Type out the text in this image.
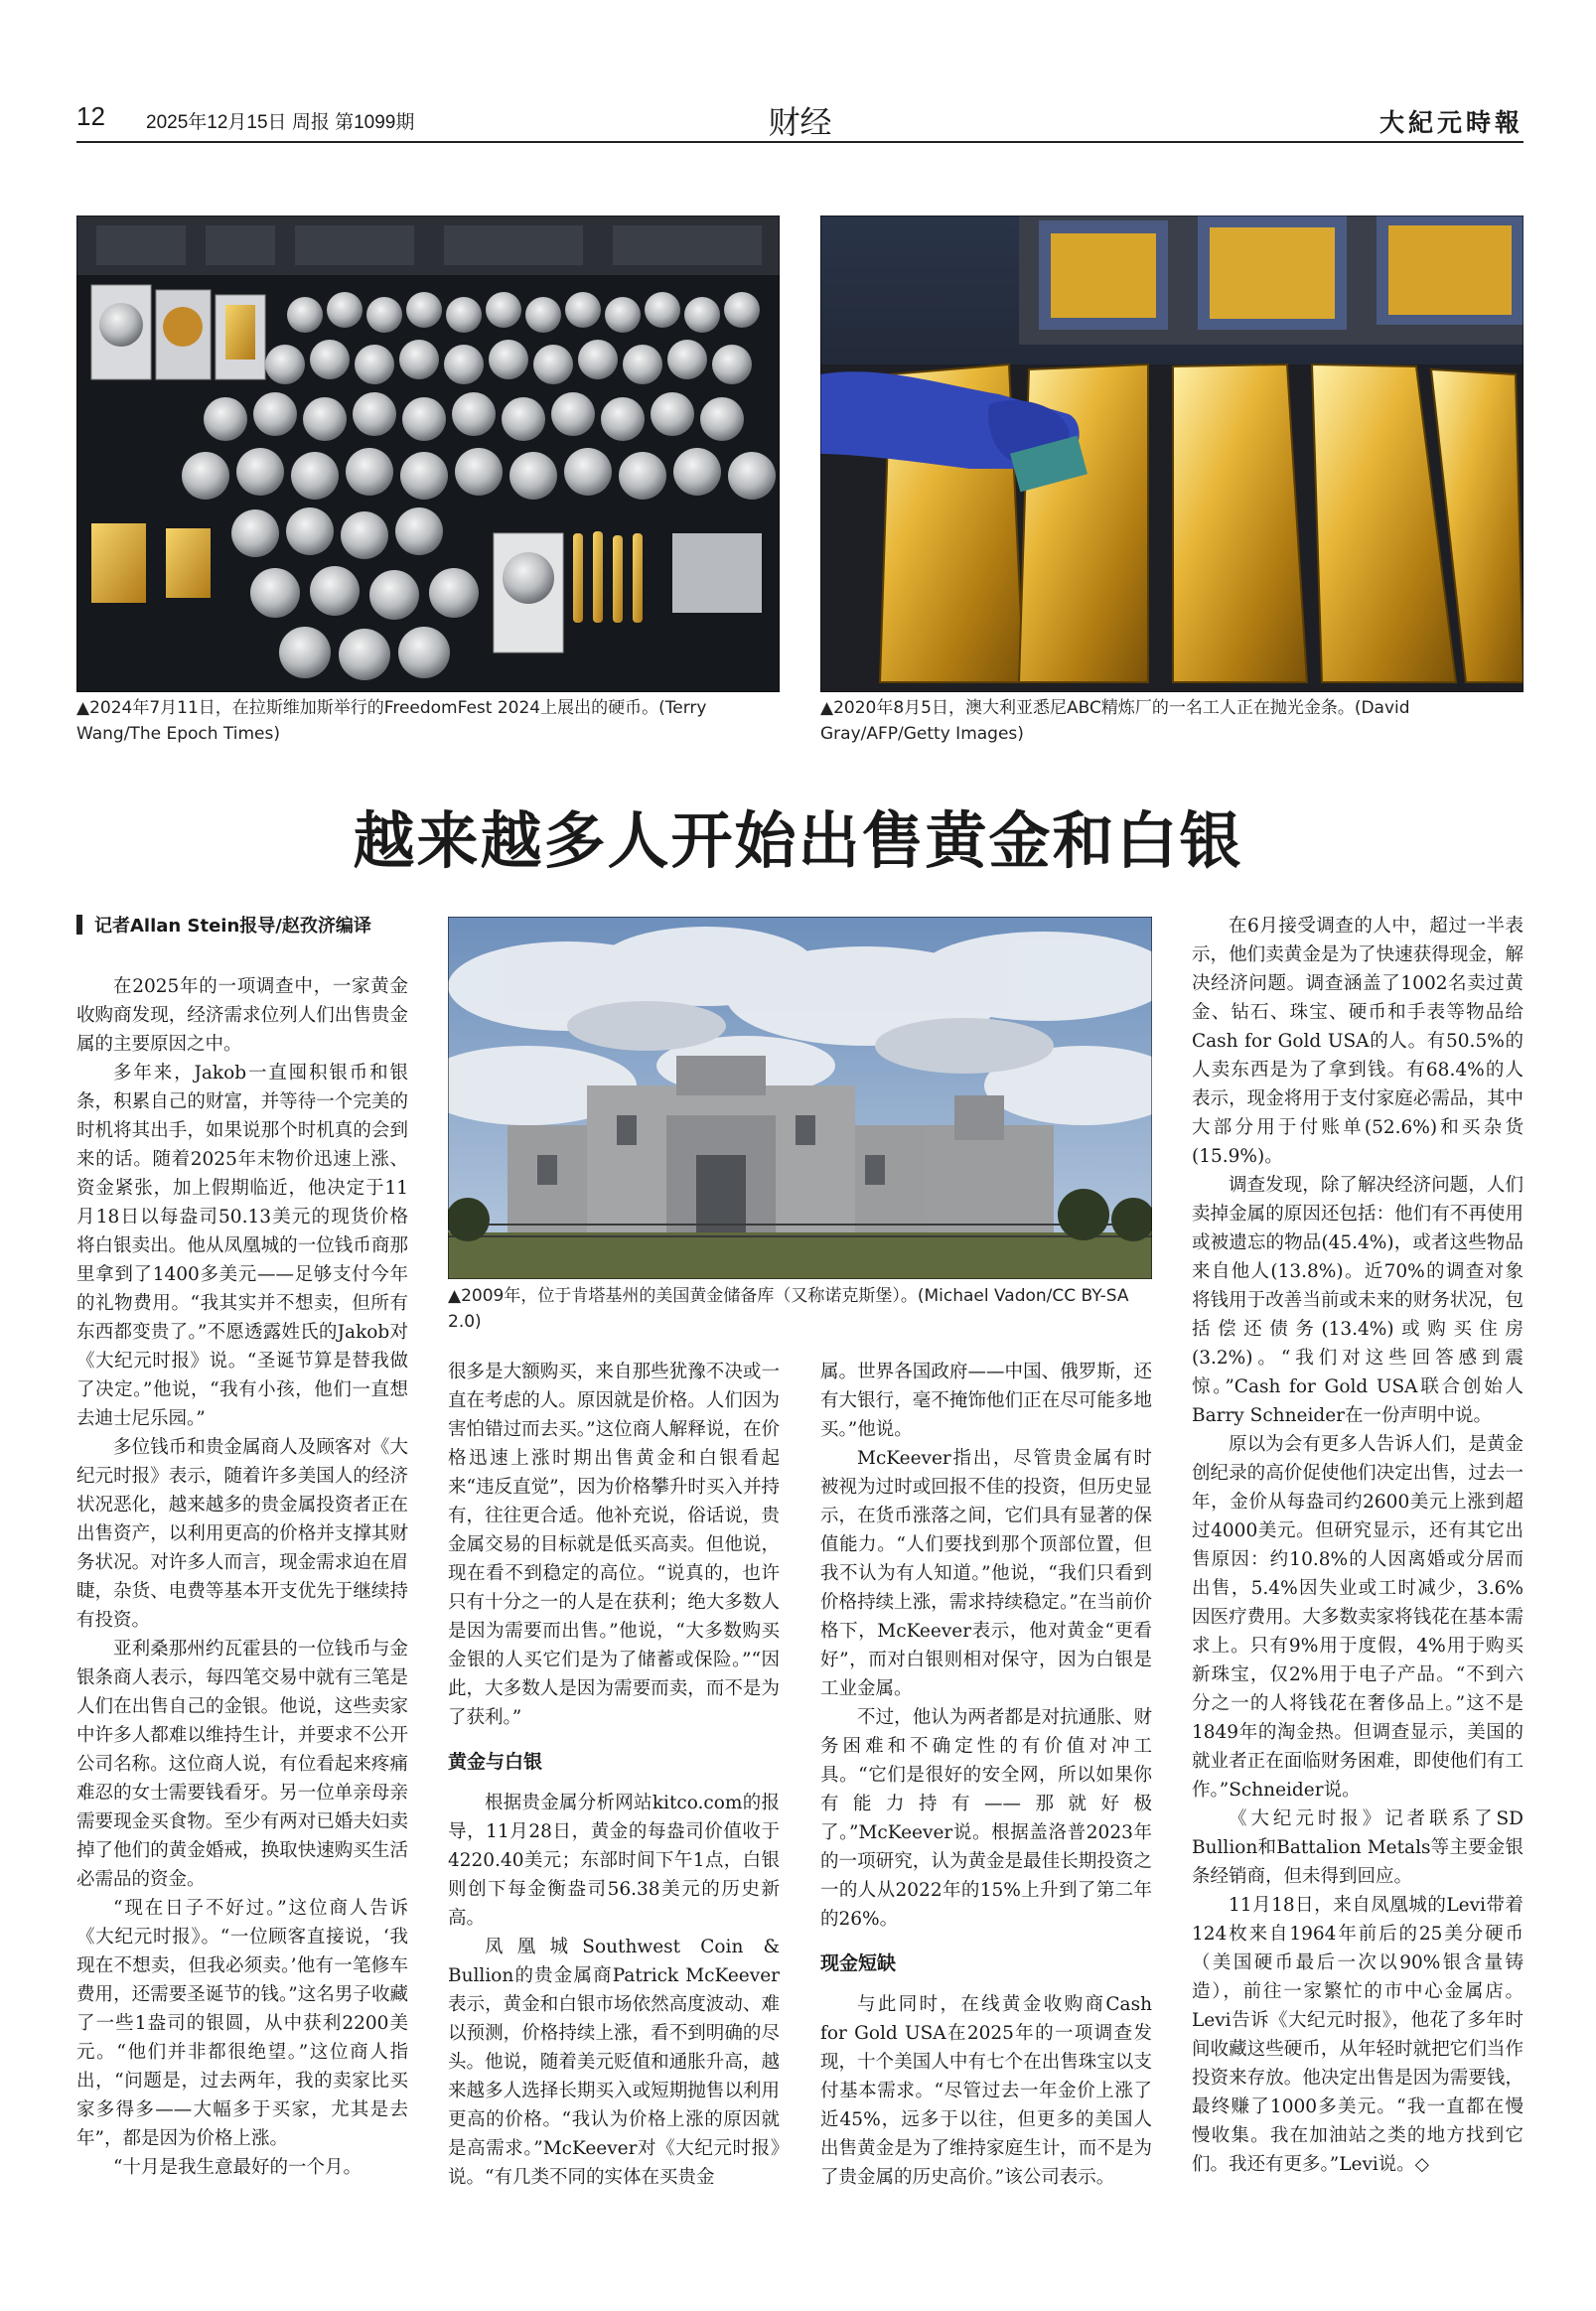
12 2025年12月15日 周报 第1099期	财经	大紀元時報
▲2024年7月11日，在拉斯维加斯举行的FreedomFest 2024上展出的硬币。(Terry Wang/The Epoch Times)
▲2020年8月5日，澳大利亚悉尼ABC精炼厂的一名工人正在抛光金条。(David Gray/AFP/Getty Images)
越来越多人开始出售黄金和白银
▲2009年，位于肯塔基州的美国黄金储备库（又称诺克斯堡）。(Michael Vadon/CC BY-SA 2.0)
记者Allan Stein报导/赵孜济编译

在2025年的一项调查中，一家黄金收购商发现，经济需求位列人们出售贵金属的主要原因之中。

多年来，Jakob一直囤积银币和银条，积累自己的财富，并等待一个完美的时机将其出手，如果说那个时机真的会到来的话。随着2025年末物价迅速上涨、资金紧张，加上假期临近，他决定于11月18日以每盎司50.13美元的现货价格将白银卖出。他从凤凰城的一位钱币商那里拿到了1400多美元——足够支付今年的礼物费用。“我其实并不想卖，但所有东西都变贵了。”不愿透露姓氏的Jakob对《大纪元时报》说。“圣诞节算是替我做了决定。”他说，“我有小孩，他们一直想去迪士尼乐园。”

多位钱币和贵金属商人及顾客对《大纪元时报》表示，随着许多美国人的经济状况恶化，越来越多的贵金属投资者正在出售资产，以利用更高的价格并支撑其财务状况。对许多人而言，现金需求迫在眉睫，杂货、电费等基本开支优先于继续持有投资。

亚利桑那州约瓦霍县的一位钱币与金银条商人表示，每四笔交易中就有三笔是人们在出售自己的金银。他说，这些卖家中许多人都难以维持生计，并要求不公开公司名称。这位商人说，有位看起来疼痛难忍的女士需要钱看牙。另一位单亲母亲需要现金买食物。至少有两对已婚夫妇卖掉了他们的黄金婚戒，换取快速购买生活必需品的资金。

“现在日子不好过。”这位商人告诉《大纪元时报》。“一位顾客直接说，‘我现在不想卖，但我必须卖。’他有一笔修车费用，还需要圣诞节的钱。”这名男子收藏了一些1盎司的银圆，从中获利2200美元。“他们并非都很绝望。”这位商人指出，“问题是，过去两年，我的卖家比买家多得多——大幅多于买家，尤其是去年”，都是因为价格上涨。

“十月是我生意最好的一个月。

很多是大额购买，来自那些犹豫不决或一直在考虑的人。原因就是价格。人们因为害怕错过而去买。”这位商人解释说，在价格迅速上涨时期出售黄金和白银看起来“违反直觉”，因为价格攀升时买入并持有，往往更合适。他补充说，俗话说，贵金属交易的目标就是低买高卖。但他说，现在看不到稳定的高位。“说真的，也许只有十分之一的人是在获利；绝大多数人是因为需要而出售。”他说，“大多数购买金银的人买它们是为了储蓄或保险。”“因此，大多数人是因为需要而卖，而不是为了获利。”

黄金与白银

根据贵金属分析网站kitco.com的报导，11月28日，黄金的每盎司价值收于4220.40美元；东部时间下午1点，白银则创下每金衡盎司56.38美元的历史新高。

凤凰城Southwest Coin & Bullion的贵金属商Patrick McKeever表示，黄金和白银市场依然高度波动、难以预测，价格持续上涨，看不到明确的尽头。他说，随着美元贬值和通胀升高，越来越多人选择长期买入或短期抛售以利用更高的价格。“我认为价格上涨的原因就是高需求。”McKeever对《大纪元时报》说。“有几类不同的实体在买贵金

属。世界各国政府——中国、俄罗斯，还有大银行，毫不掩饰他们正在尽可能多地买。”他说。

McKeever指出，尽管贵金属有时被视为过时或回报不佳的投资，但历史显示，在货币涨落之间，它们具有显著的保值能力。“人们要找到那个顶部位置，但我不认为有人知道。”他说，“我们只看到价格持续上涨，需求持续稳定。”在当前价格下，McKeever表示，他对黄金“更看好”，而对白银则相对保守，因为白银是工业金属。

不过，他认为两者都是对抗通胀、财务困难和不确定性的有价值对冲工具。“它们是很好的安全网，所以如果你有能力持有——那就好极了。”McKeever说。根据盖洛普2023年的一项研究，认为黄金是最佳长期投资之一的人从2022年的15%上升到了第二年的26%。

现金短缺

与此同时，在线黄金收购商Cash for Gold USA在2025年的一项调查发现，十个美国人中有七个在出售珠宝以支付基本需求。“尽管过去一年金价上涨了近45%，远多于以往，但更多的美国人出售黄金是为了维持家庭生计，而不是为了贵金属的历史高价。”该公司表示。

在6月接受调查的人中，超过一半表示，他们卖黄金是为了快速获得现金，解决经济问题。调查涵盖了1002名卖过黄金、钻石、珠宝、硬币和手表等物品给Cash for Gold USA的人。有50.5%的人卖东西是为了拿到钱。有68.4%的人表示，现金将用于支付家庭必需品，其中大部分用于付账单(52.6%)和买杂货(15.9%)。

调查发现，除了解决经济问题，人们卖掉金属的原因还包括：他们有不再使用或被遗忘的物品(45.4%)，或者这些物品来自他人(13.8%)。近70%的调查对象将钱用于改善当前或未来的财务状况，包括偿还债务(13.4%)或购买住房(3.2%)。“我们对这些回答感到震惊。”Cash for Gold USA联合创始人Barry Schneider在一份声明中说。

原以为会有更多人告诉人们，是黄金创纪录的高价促使他们决定出售，过去一年，金价从每盎司约2600美元上涨到超过4000美元。但研究显示，还有其它出售原因：约10.8%的人因离婚或分居而出售，5.4%因失业或工时减少，3.6%因医疗费用。大多数卖家将钱花在基本需求上。只有9%用于度假，4%用于购买新珠宝，仅2%用于电子产品。“不到六分之一的人将钱花在奢侈品上。”这不是1849年的淘金热。但调查显示，美国的就业者正在面临财务困难，即使他们有工作。”Schneider说。

《大纪元时报》记者联系了SD Bullion和Battalion Metals等主要金银条经销商，但未得到回应。

11月18日，来自凤凰城的Levi带着124枚来自1964年前后的25美分硬币（美国硬币最后一次以90%银含量铸造），前往一家繁忙的市中心金属店。Levi告诉《大纪元时报》，他花了多年时间收藏这些硬币，从年轻时就把它们当作投资来存放。他决定出售是因为需要钱，最终赚了1000多美元。“我一直都在慢慢收集。我在加油站之类的地方找到它们。我还有更多。”Levi说。◇
